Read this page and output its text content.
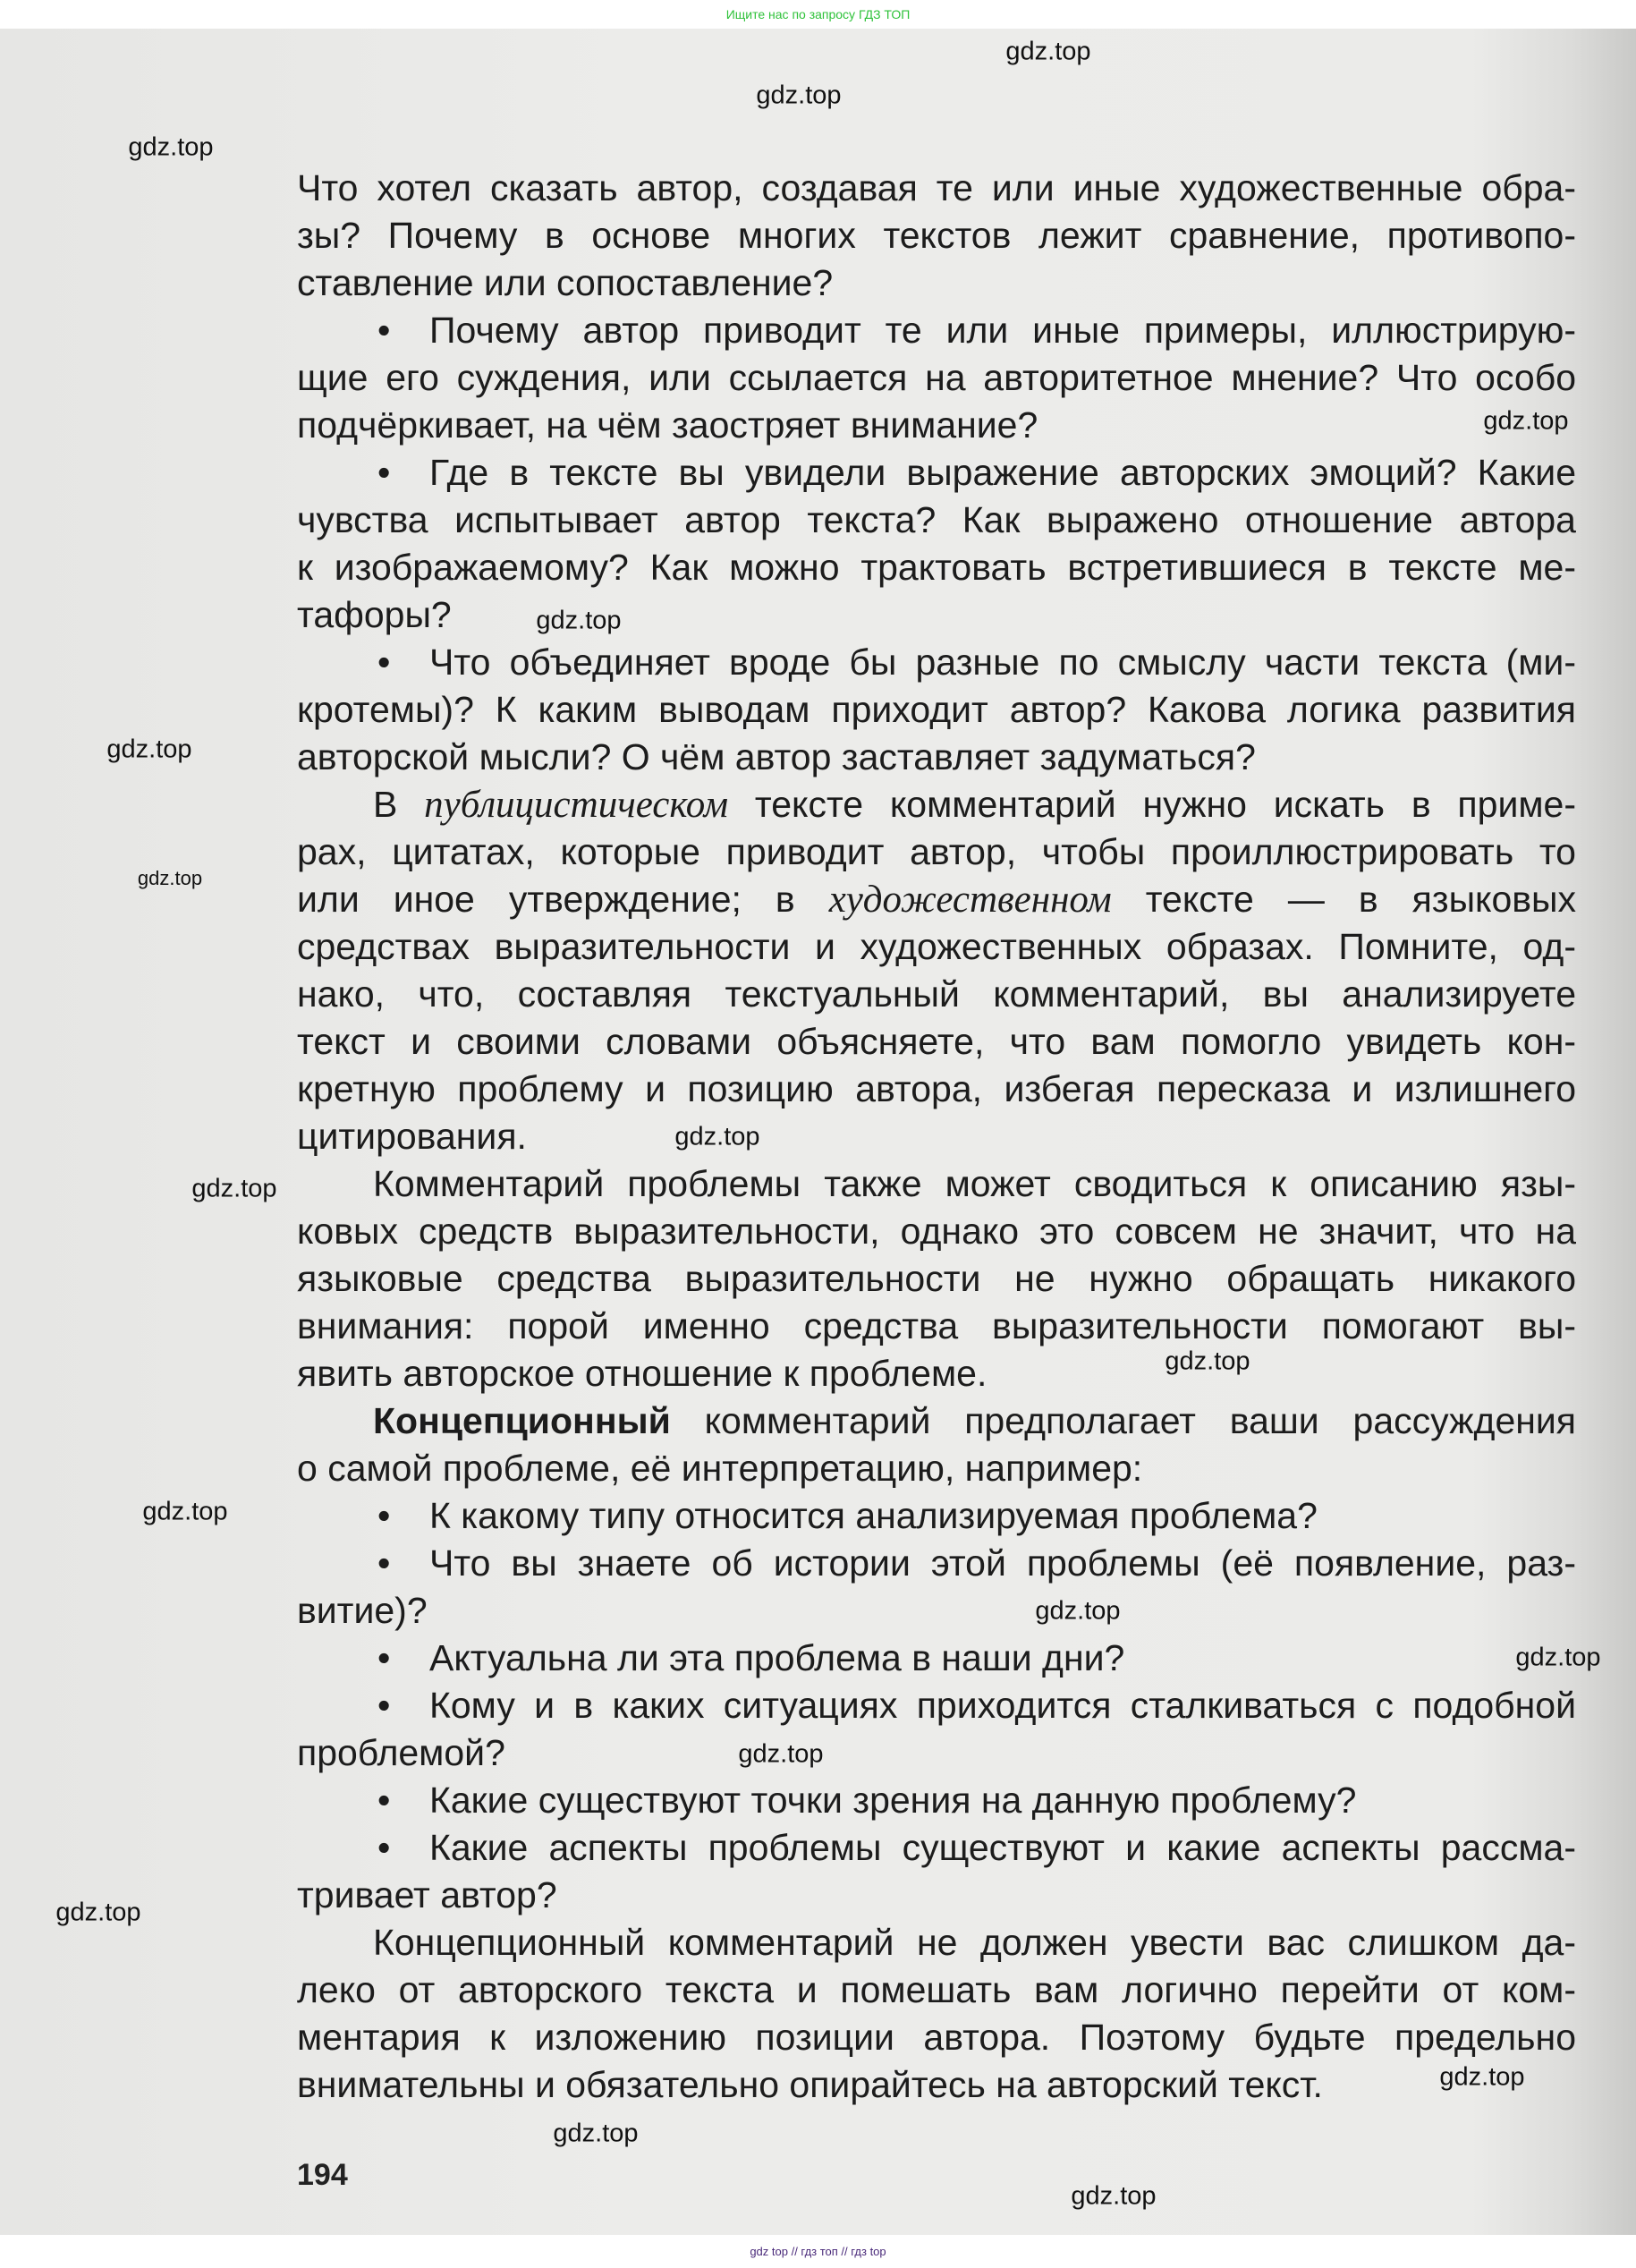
Ищите нас по запросу ГДЗ ТОП
Что хотел сказать автор, создавая те или иные художественные обра-
зы? Почему в основе многих текстов лежит сравнение, противопо-
ставление или сопоставление?
• Почему автор приводит те или иные примеры, иллюстрирую-
щие его суждения, или ссылается на авторитетное мнение? Что особо
подчёркивает, на чём заостряет внимание?
• Где в тексте вы увидели выражение авторских эмоций? Какие
чувства испытывает автор текста? Как выражено отношение автора
к изображаемому? Как можно трактовать встретившиеся в тексте ме-
тафоры?
• Что объединяет вроде бы разные по смыслу части текста (ми-
кротемы)? К каким выводам приходит автор? Какова логика развития
авторской мысли? О чём автор заставляет задуматься?
В публицистическом тексте комментарий нужно искать в приме-
рах, цитатах, которые приводит автор, чтобы проиллюстрировать то
или иное утверждение; в художественном тексте — в языковых
средствах выразительности и художественных образах. Помните, од-
нако, что, составляя текстуальный комментарий, вы анализируете
текст и своими словами объясняете, что вам помогло увидеть кон-
кретную проблему и позицию автора, избегая пересказа и излишнего
цитирования.
Комментарий проблемы также может сводиться к описанию язы-
ковых средств выразительности, однако это совсем не значит, что на
языковые средства выразительности не нужно обращать никакого
внимания: порой именно средства выразительности помогают вы-
явить авторское отношение к проблеме.
Концепционный комментарий предполагает ваши рассуждения
о самой проблеме, её интерпретацию, например:
• К какому типу относится анализируемая проблема?
• Что вы знаете об истории этой проблемы (её появление, раз-
витие)?
• Актуальна ли эта проблема в наши дни?
• Кому и в каких ситуациях приходится сталкиваться с подобной
проблемой?
• Какие существуют точки зрения на данную проблему?
• Какие аспекты проблемы существуют и какие аспекты рассма-
тривает автор?
Концепционный комментарий не должен увести вас слишком да-
леко от авторского текста и помешать вам логично перейти от ком-
ментария к изложению позиции автора. Поэтому будьте предельно
внимательны и обязательно опирайтесь на авторский текст.
194
gdz.top
gdz.top
gdz.top
gdz.top
gdz.top
gdz.top
gdz.top
gdz.top
gdz.top
gdz.top
gdz.top
gdz.top
gdz.top
gdz.top
gdz.top
gdz.top
gdz.top
gdz.top
gdz top // гдз топ // гдз top
